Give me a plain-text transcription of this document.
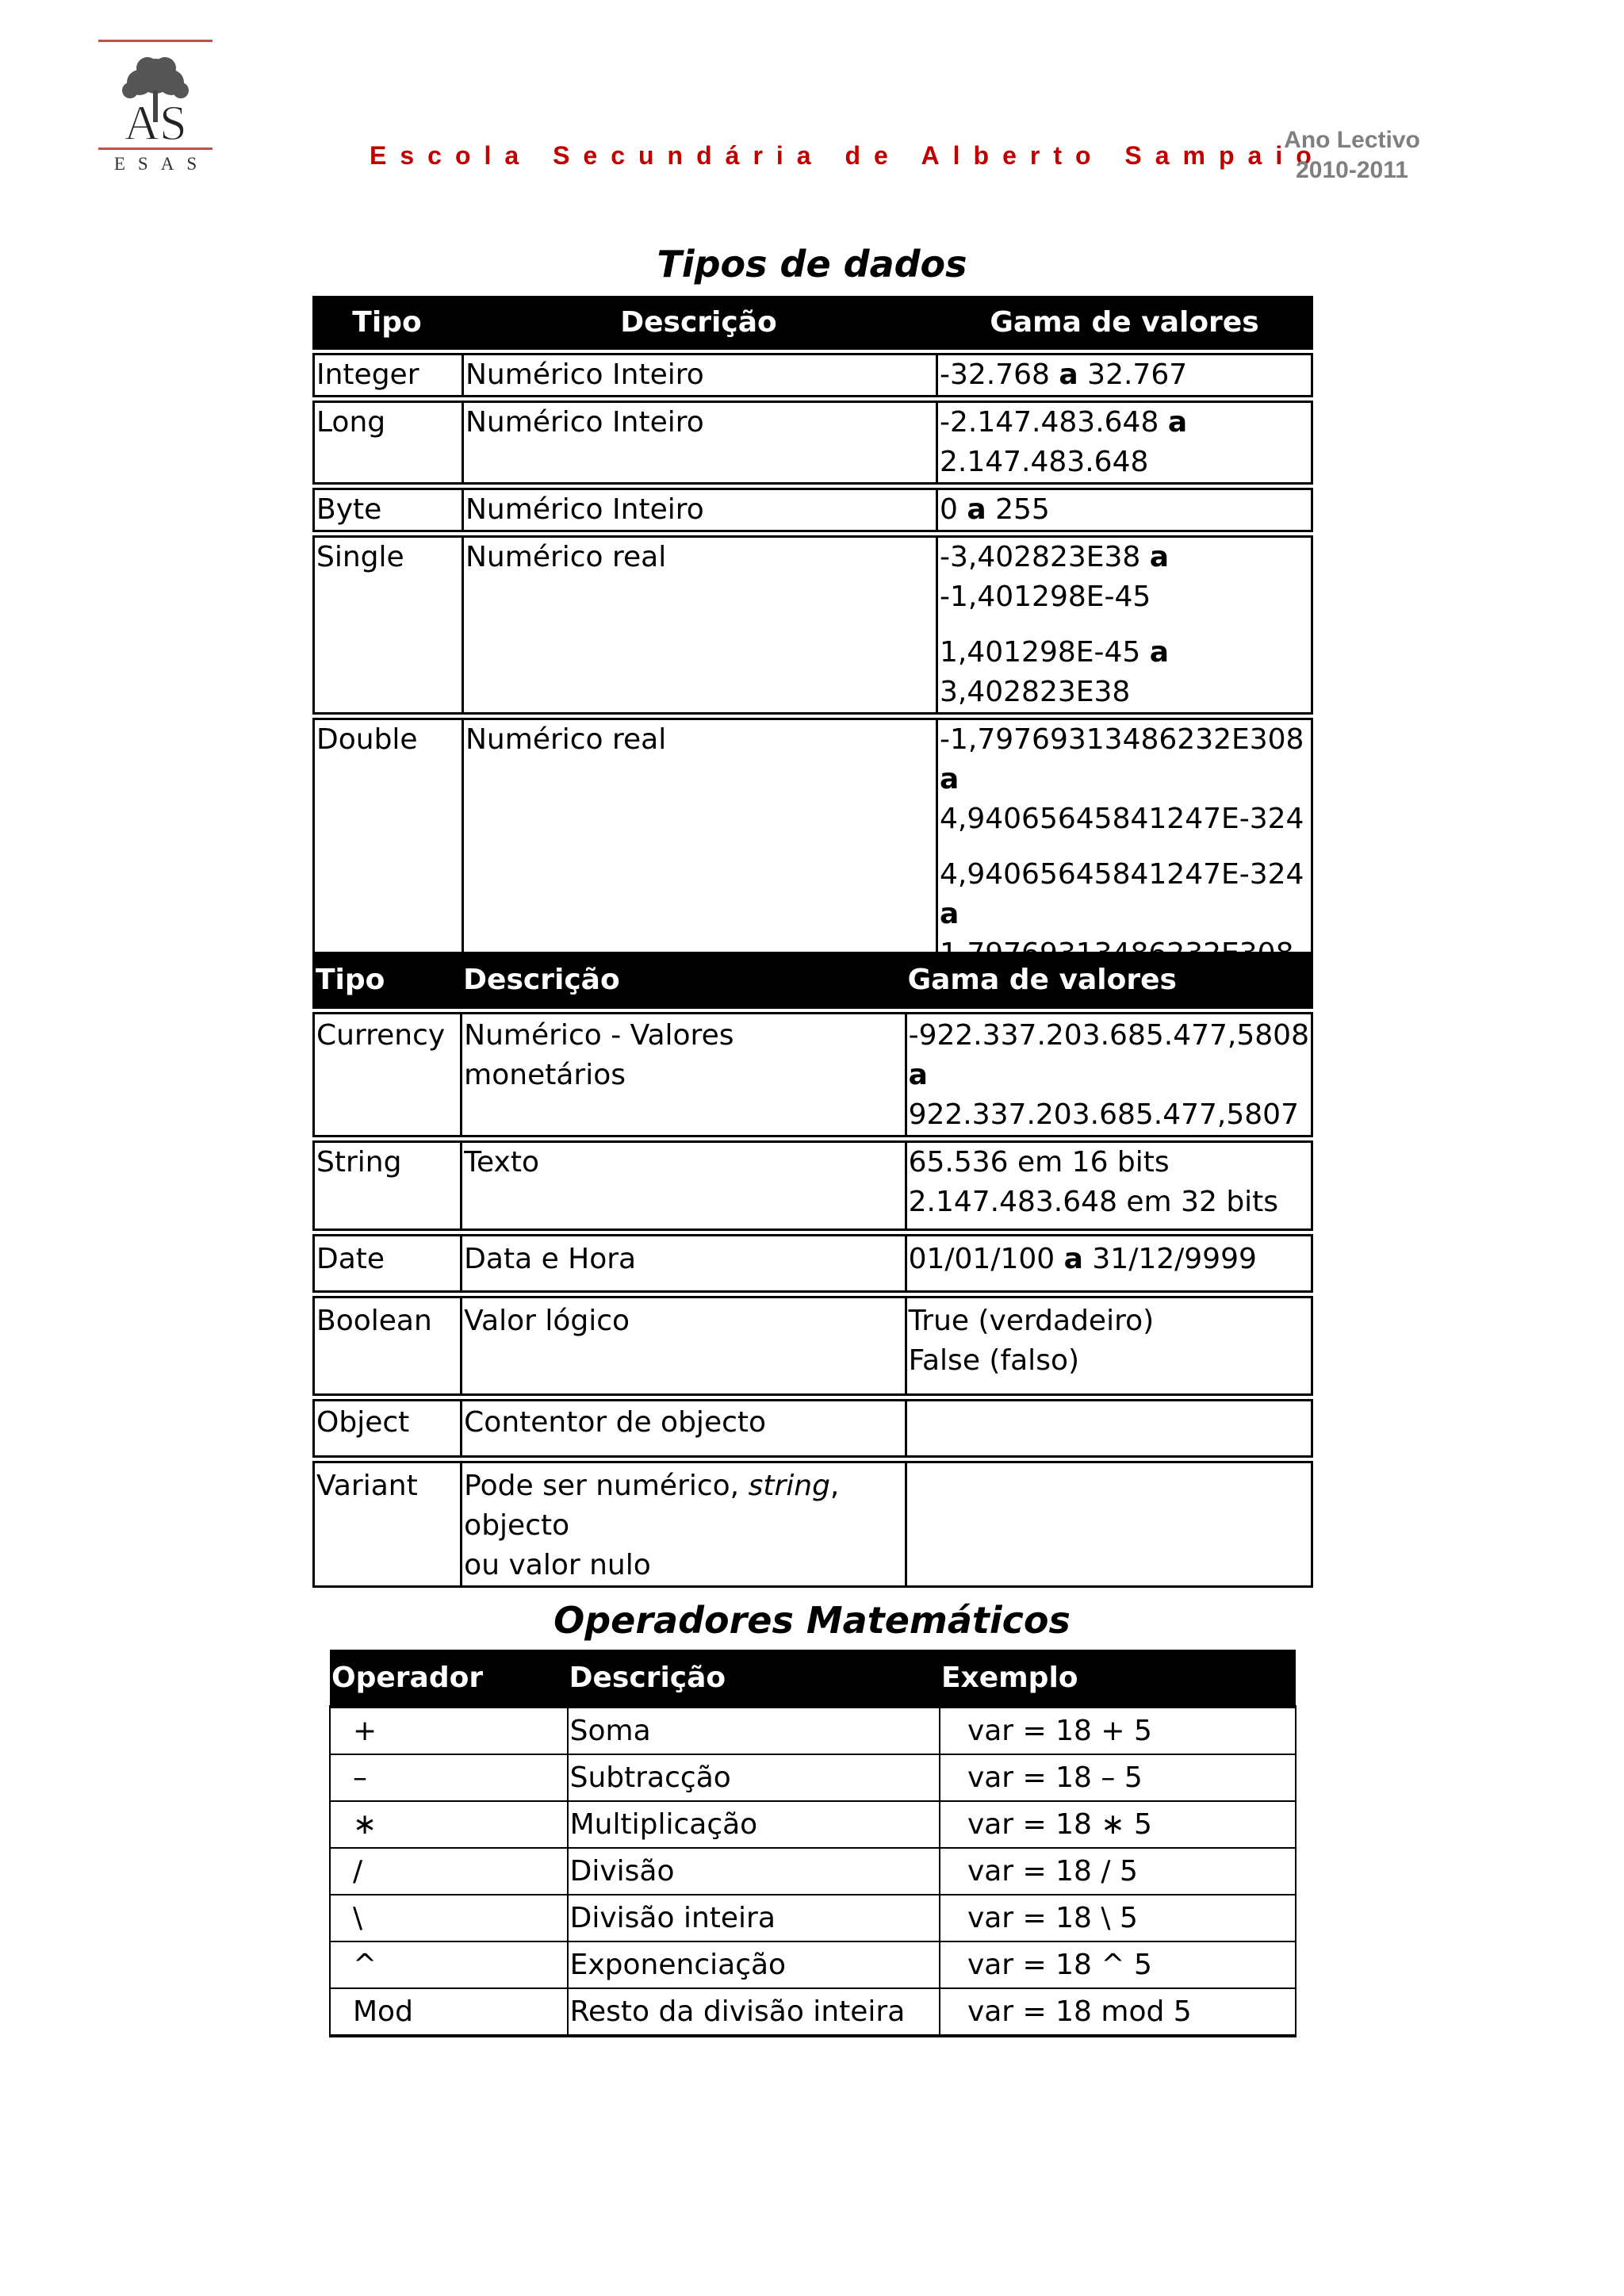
AS
ESAS	Escola Secundária de Alberto Sampaio
Ano Lectivo
2010-2011
Tipos de dados
Tipo	Descrição	Gama de valores
Integer	Numérico Inteiro	-32.768 a 32.767
Long	Numérico Inteiro	-2.147.483.648 a
2.147.483.648
Byte	Numérico Inteiro	0 a 255
Single	Numérico real	-3,402823E38 a
-1,401298E-45
1,401298E-45 a
3,402823E38
Double	Numérico real	-1,79769313486232E308 a
4,94065645841247E-324
4,94065645841247E-324 a

Tipo	Descrição	Gama de valores
Currency	Numérico - Valores monetários	-922.337.203.685.477,5808
a
922.337.203.685.477,5807
String	Texto	65.536 em 16 bits
2.147.483.648 em 32 bits
Date	Data e Hora	01/01/100 a 31/12/9999
Boolean	Valor lógico	True (verdadeiro)
False (falso)
Object	Contentor de objecto	
Variant	Pode ser numérico, string, objecto
ou valor nulo	
Operadores Matemáticos
Operador	Descrição	Exemplo
+	Soma	var = 18 + 5
–	Subtracção	var = 18 – 5
∗	Multiplicação	var = 18 ∗ 5
/	Divisão	var = 18 / 5
\	Divisão inteira	var = 18 \ 5
^	Exponenciação	var = 18 ^ 5
Mod	Resto da divisão inteira	var = 18 mod 5
